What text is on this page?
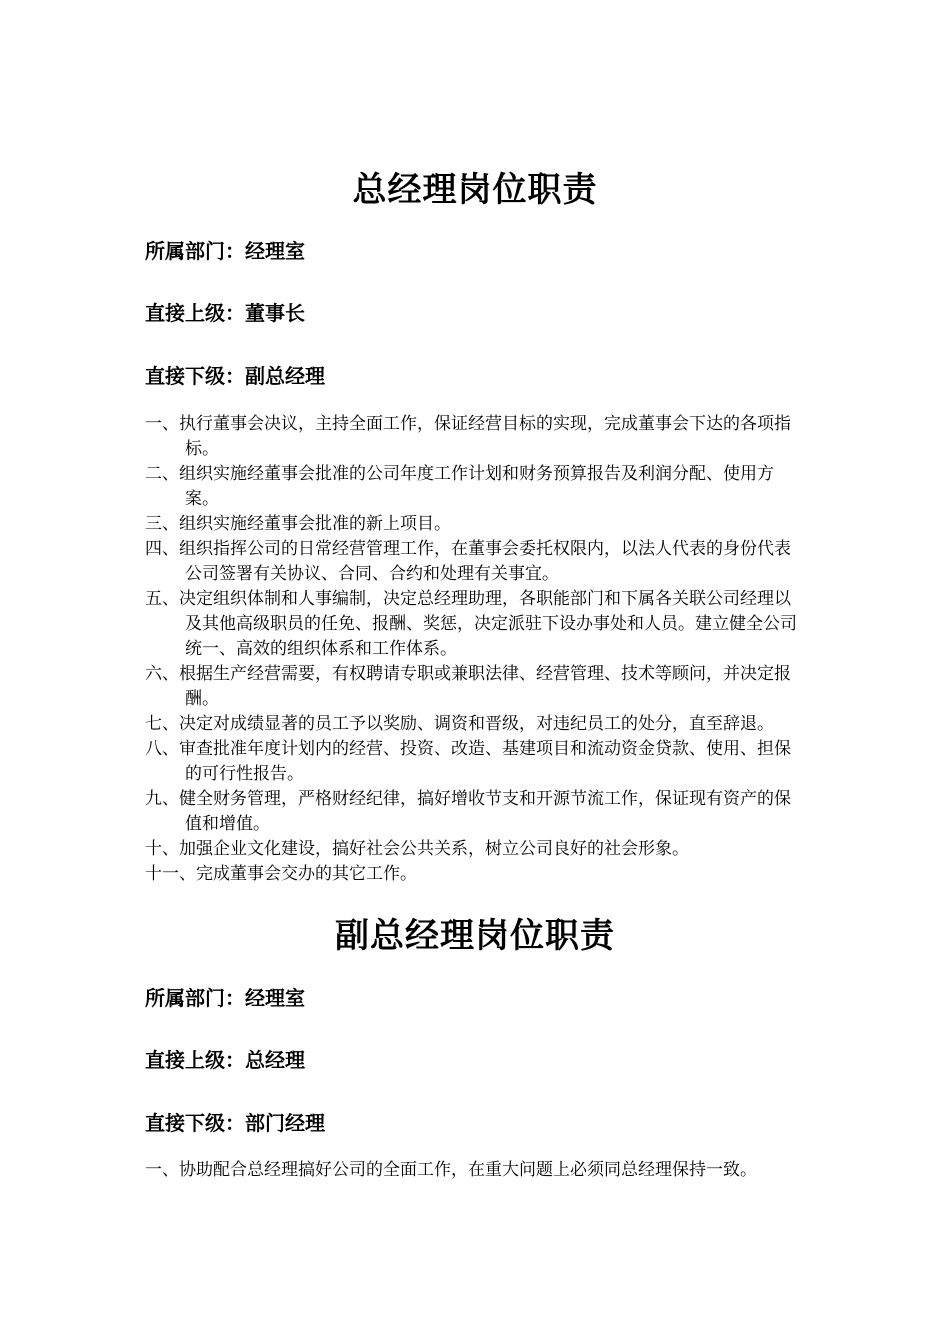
总经理岗位职责
所属部门：经理室
直接上级：董事长
直接下级：副总经理
一、执行董事会决议，主持全面工作，保证经营目标的实现，完成董事会下达的各项指标。
二、组织实施经董事会批准的公司年度工作计划和财务预算报告及利润分配、使用方案。
三、组织实施经董事会批准的新上项目。
四、组织指挥公司的日常经营管理工作，在董事会委托权限内，以法人代表的身份代表公司签署有关协议、合同、合约和处理有关事宜。
五、决定组织体制和人事编制，决定总经理助理，各职能部门和下属各关联公司经理以及其他高级职员的任免、报酬、奖惩，决定派驻下设办事处和人员。建立健全公司统一、高效的组织体系和工作体系。
六、根据生产经营需要，有权聘请专职或兼职法律、经营管理、技术等顾问，并决定报酬。
七、决定对成绩显著的员工予以奖励、调资和晋级，对违纪员工的处分，直至辞退。
八、审查批准年度计划内的经营、投资、改造、基建项目和流动资金贷款、使用、担保的可行性报告。
九、健全财务管理，严格财经纪律，搞好增收节支和开源节流工作，保证现有资产的保值和增值。
十、加强企业文化建设，搞好社会公共关系，树立公司良好的社会形象。
十一、完成董事会交办的其它工作。
副总经理岗位职责
所属部门：经理室
直接上级：总经理
直接下级：部门经理

一、协助配合总经理搞好公司的全面工作，在重大问题上必须同总经理保持一致。
